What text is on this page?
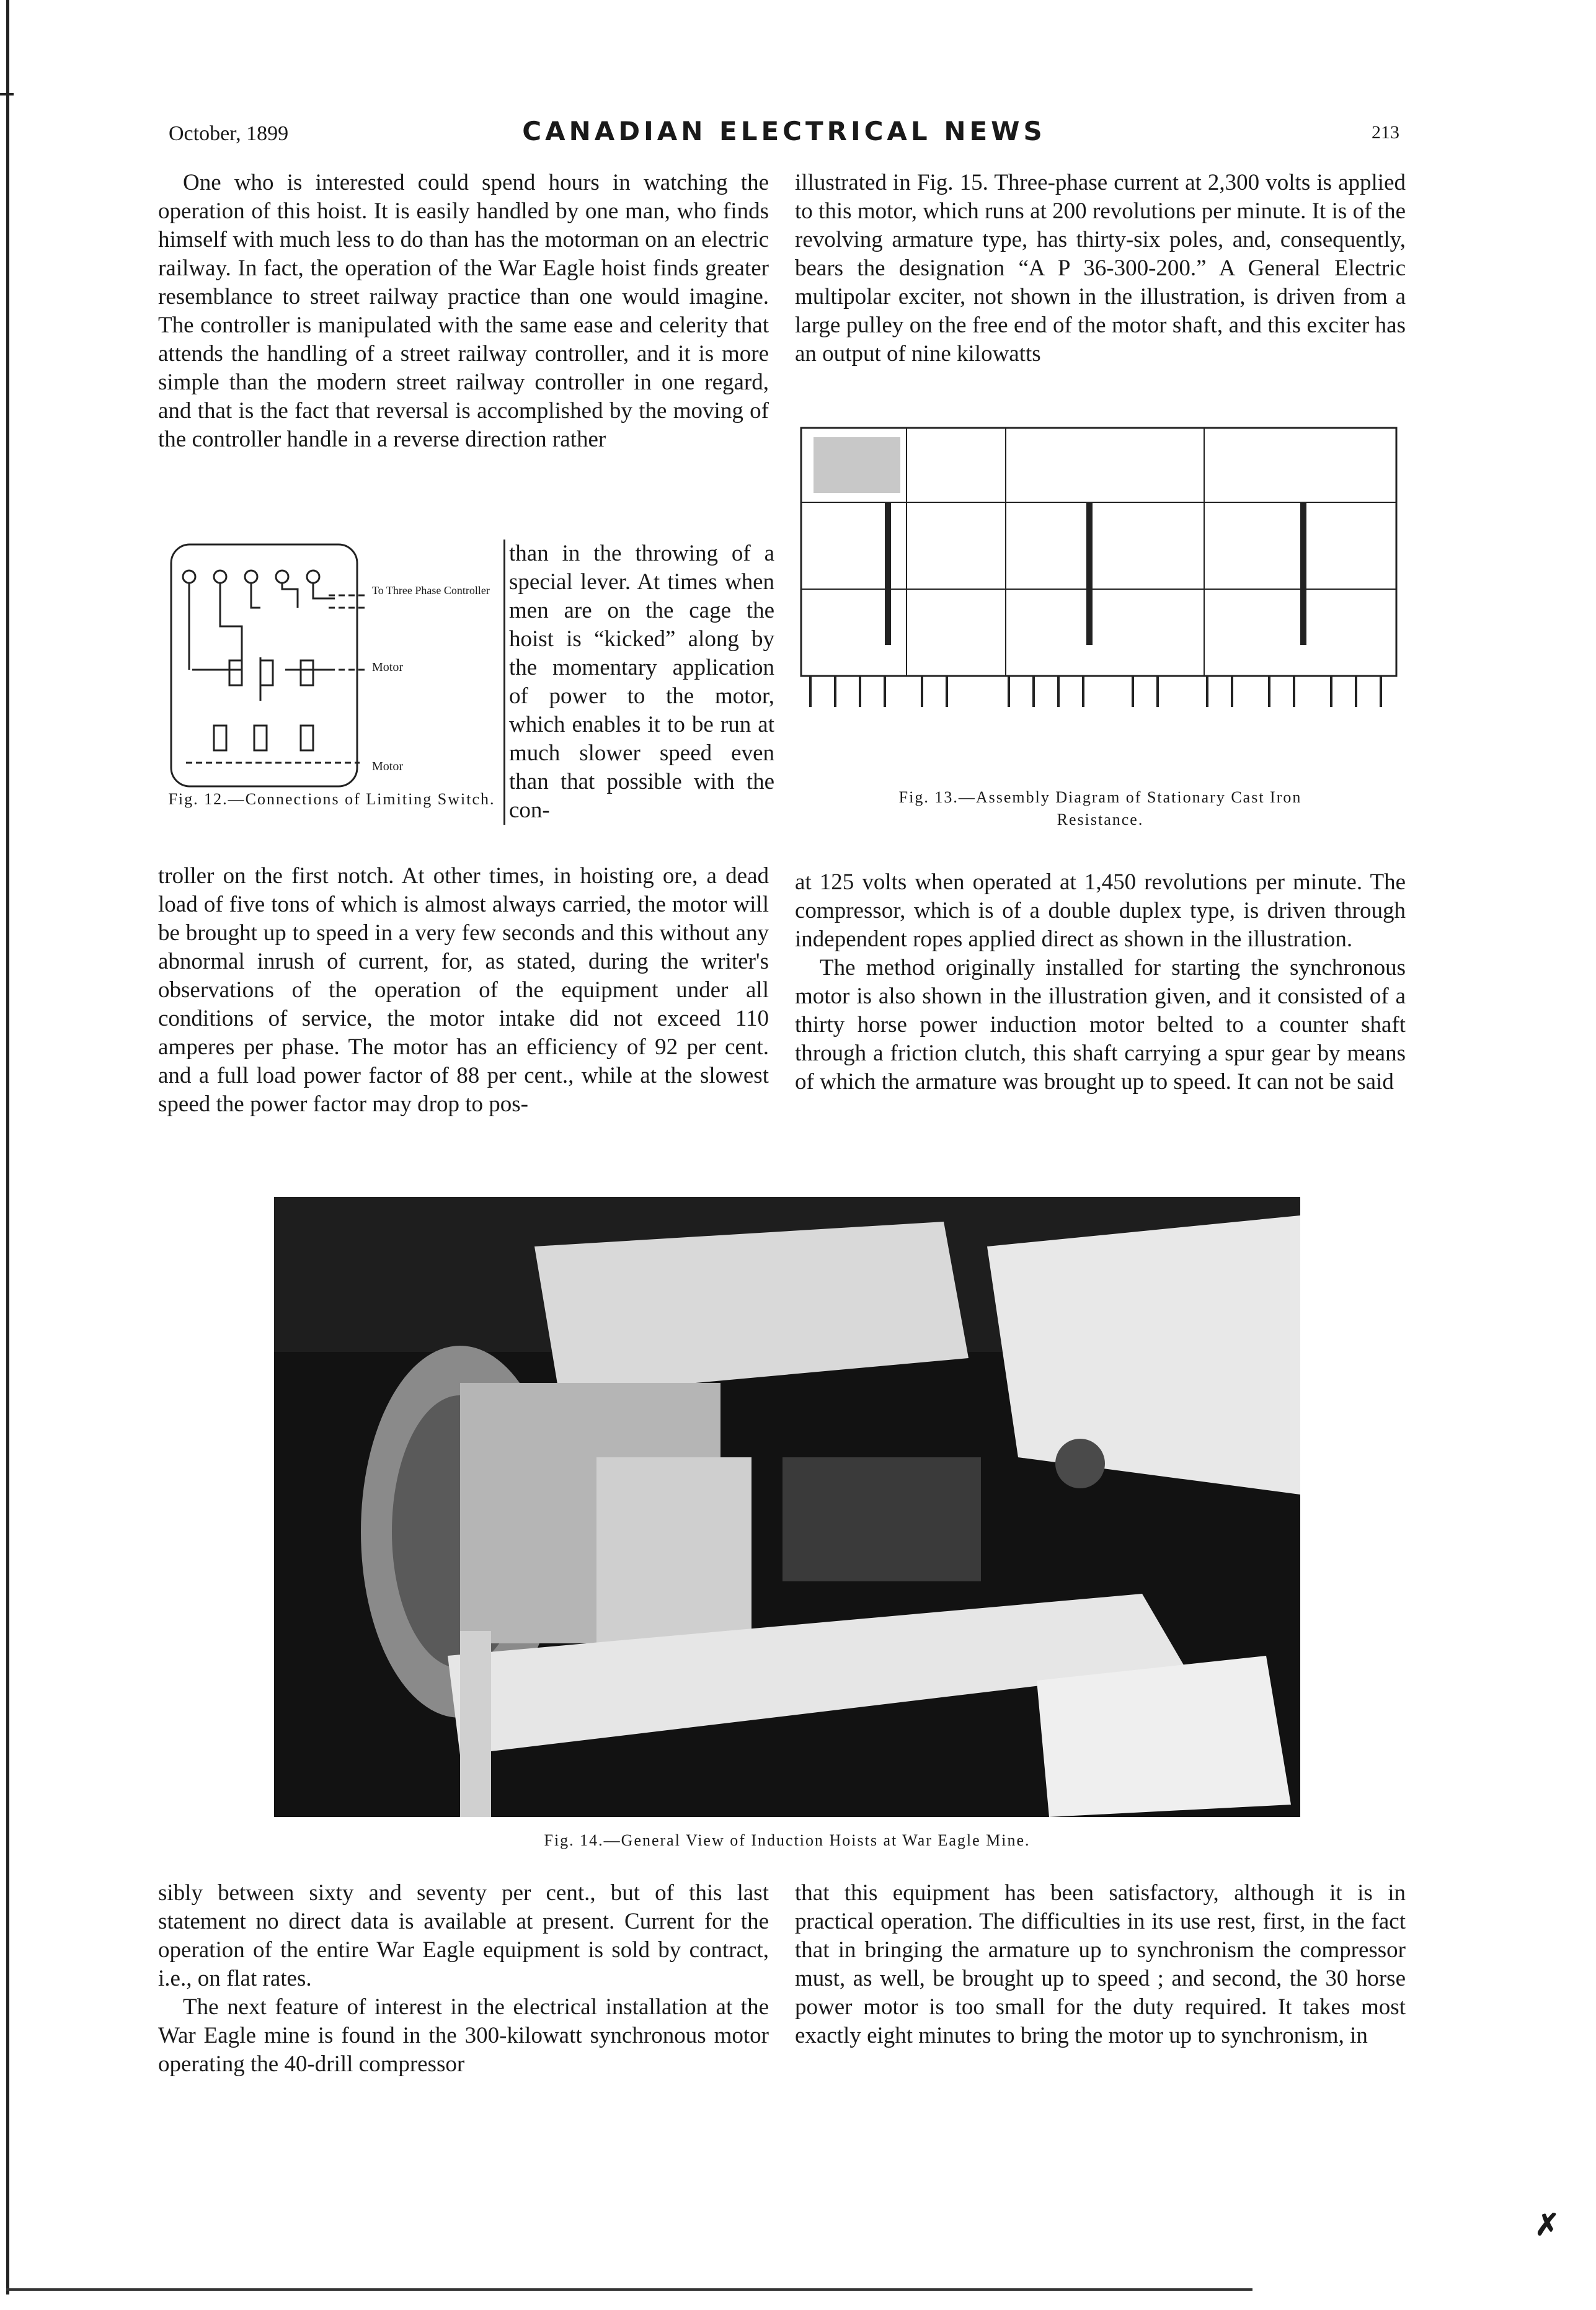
✗
October, 1899	CANADIAN ELECTRICAL NEWS	213

One who is interested could spend hours in watching the operation of this hoist. It is easily handled by one man, who finds himself with much less to do than has the motorman on an electric railway. In fact, the operation of the War Eagle hoist finds greater resemblance to street railway practice than one would imagine. The controller is manipulated with the same ease and celerity that attends the handling of a street railway controller, and it is more simple than the modern street railway controller in one regard, and that is the fact that reversal is accomplished by the moving of the controller handle in a reverse direction rather

To Three Phase Controller
Motor
Motor
Fig. 12.—Connections of Limiting Switch.

than in the throwing of a special lever. At times when men are on the cage the hoist is “kicked” along by the momentary application of power to the motor, which enables it to be run at much slower speed even than that possible with the con-

troller on the first notch. At other times, in hoisting ore, a dead load of five tons of which is almost always carried, the motor will be brought up to speed in a very few seconds and this without any abnormal inrush of current, for, as stated, during the writer's observations of the operation of the equipment under all conditions of service, the motor intake did not exceed 110 amperes per phase. The motor has an efficiency of 92 per cent. and a full load power factor of 88 per cent., while at the slowest speed the power factor may drop to pos-

illustrated in Fig. 15. Three-phase current at 2,300 volts is applied to this motor, which runs at 200 revolutions per minute. It is of the revolving armature type, has thirty-six poles, and, consequently, bears the designation “A P 36-300-200.” A General Electric multipolar exciter, not shown in the illustration, is driven from a large pulley on the free end of the motor shaft, and this exciter has an output of nine kilowatts

Fig. 13.—Assembly Diagram of Stationary Cast Iron
Resistance.

at 125 volts when operated at 1,450 revolutions per minute. The compressor, which is of a double duplex type, is driven through independent ropes applied direct as shown in the illustration.

The method originally installed for starting the synchronous motor is also shown in the illustration given, and it consisted of a thirty horse power induction motor belted to a counter shaft through a friction clutch, this shaft carrying a spur gear by means of which the armature was brought up to speed. It can not be said

Fig. 14.—General View of Induction Hoists at War Eagle Mine.

sibly between sixty and seventy per cent., but of this last statement no direct data is available at present. Current for the operation of the entire War Eagle equipment is sold by contract, i.e., on flat rates.

The next feature of interest in the electrical installation at the War Eagle mine is found in the 300-kilowatt synchronous motor operating the 40-drill compressor

that this equipment has been satisfactory, although it is in practical operation. The difficulties in its use rest, first, in the fact that in bringing the armature up to synchronism the compressor must, as well, be brought up to speed ; and second, the 30 horse power motor is too small for the duty required. It takes most exactly eight minutes to bring the motor up to synchronism, in
